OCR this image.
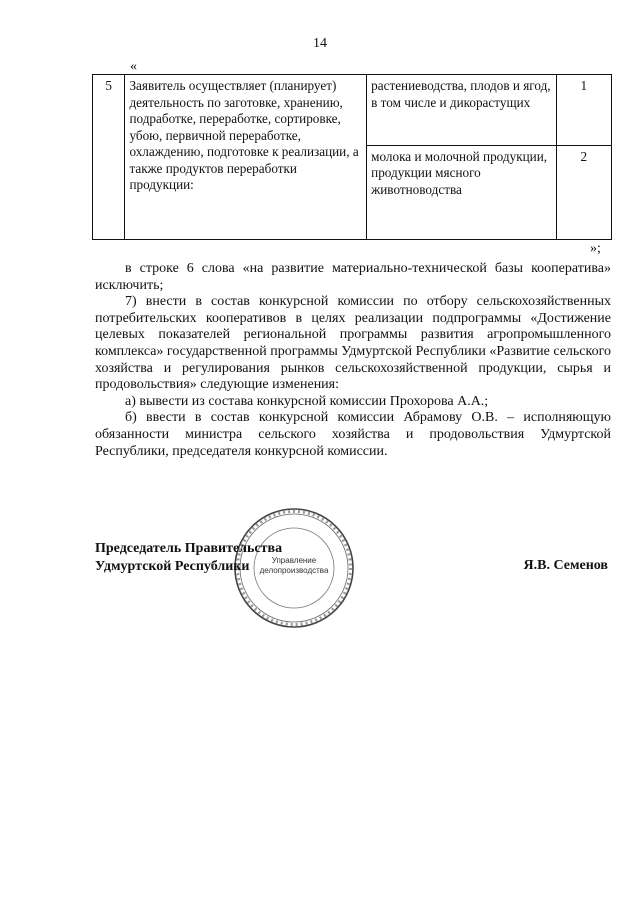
14
«
5	Заявитель осуществляет (планирует) деятельность по заготовке, хранению, подработке, переработке, сортировке, убою, первичной переработке, охлаждению, подготовке к реализации, а также продуктов переработки продукции:	растениеводства, плодов и ягод, в том числе и дикорастущих	1
		молока и молочной продукции, продукции мясного животноводства	2
»;

в строке 6 слова «на развитие материально-технической базы кооператива» исключить;

7) внести в состав конкурсной комиссии по отбору сельскохозяйственных потребительских кооперативов в целях реализации подпрограммы «Достижение целевых показателей региональной программы развития агропромышленного комплекса» государственной программы Удмуртской Республики «Развитие сельского хозяйства и регулирования рынков сельскохозяйственной продукции, сырья и продовольствия» следующие изменения:

а) вывести из состава конкурсной комиссии Прохорова А.А.;

б) ввести в состав конкурсной комиссии Абрамову О.В. – исполняющую обязанности министра сельского хозяйства и продовольствия Удмуртской Республики, председателя конкурсной комиссии.

Управление
делопроизводства
Председатель Правительства
Удмуртской Республики	Я.В. Семенов
